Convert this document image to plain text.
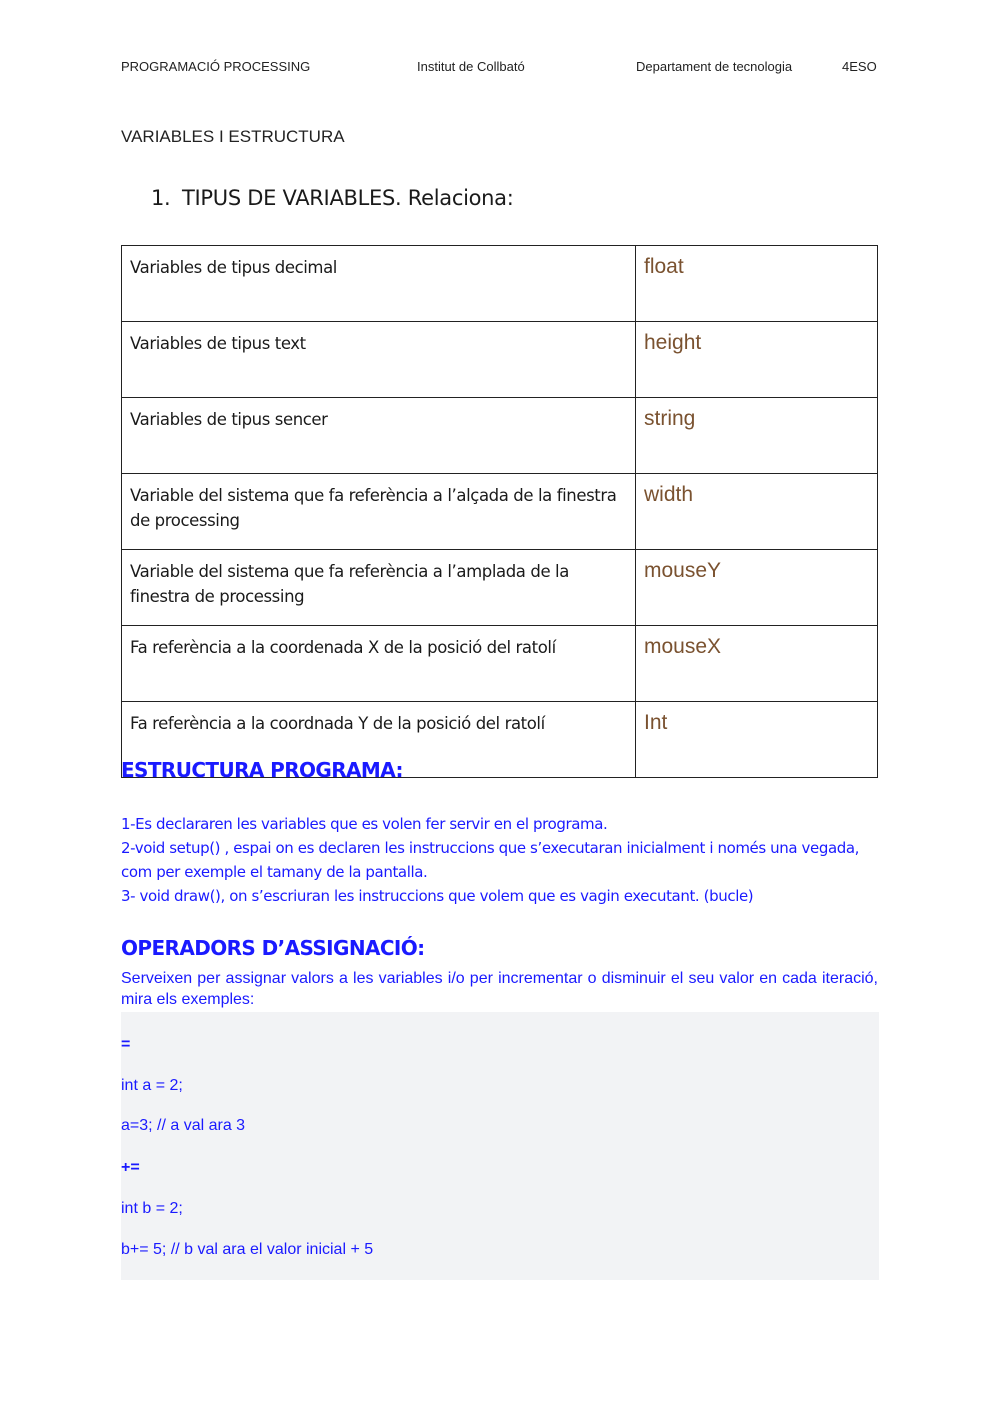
PROGRAMACIÓ PROCESSING	Institut de Collbató	Departament de tecnologia	4ESO
VARIABLES I ESTRUCTURA
1. TIPUS DE VARIABLES. Relaciona:
Variables de tipus decimal	float
Variables de tipus text	height
Variables de tipus sencer	string
Variable del sistema que fa referència a l’alçada de la finestra de processing	width
Variable del sistema que fa referència a l’amplada de la finestra de processing	mouseY
Fa referència a la coordenada X de la posició del ratolí	mouseX
Fa referència a la coordnada Y de la posició del ratolí	Int
ESTRUCTURA PROGRAMA:

1-Es declararen les variables que es volen fer servir en el programa.

2-void setup() , espai on es declaren les instruccions que s’executaran inicialment i només una vegada, com per exemple el tamany de la pantalla.

3- void draw(), on s’escriuran les instruccions que volem que es vagin executant. (bucle)

OPERADORS D’ASSIGNACIÓ:
Serveixen per assignar valors a les variables i/o per incrementar o disminuir el seu valor en cada iteració, mira els exemples:
=
int a = 2;
a=3; // a val ara 3
+=
int b = 2;
b+= 5; // b val ara el valor inicial + 5
